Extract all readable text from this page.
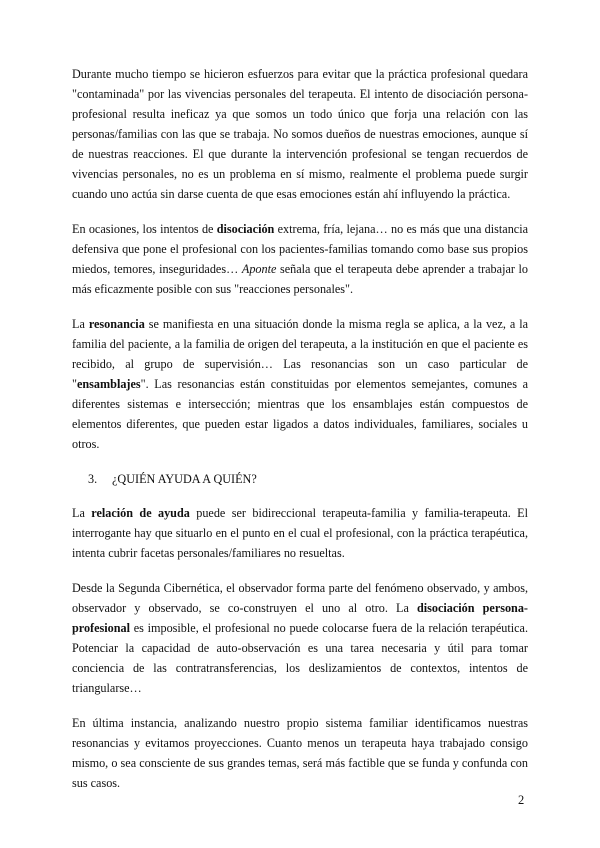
Durante mucho tiempo se hicieron esfuerzos para evitar que la práctica profesional quedara "contaminada" por las vivencias personales del terapeuta. El intento de disociación persona-profesional resulta ineficaz ya que somos un todo único que forja una relación con las personas/familias con las que se trabaja. No somos dueños de nuestras emociones, aunque sí de nuestras reacciones. El que durante la intervención profesional se tengan recuerdos de vivencias personales, no es un problema en sí mismo, realmente el problema puede surgir cuando uno actúa sin darse cuenta de que esas emociones están ahí influyendo la práctica.

En ocasiones, los intentos de disociación extrema, fría, lejana… no es más que una distancia defensiva que pone el profesional con los pacientes-familias tomando como base sus propios miedos, temores, inseguridades… Aponte señala que el terapeuta debe aprender a trabajar lo más eficazmente posible con sus "reacciones personales".

La resonancia se manifiesta en una situación donde la misma regla se aplica, a la vez, a la familia del paciente, a la familia de origen del terapeuta, a la institución en que el paciente es recibido, al grupo de supervisión… Las resonancias son un caso particular de "ensamblajes". Las resonancias están constituidas por elementos semejantes, comunes a diferentes sistemas e intersección; mientras que los ensamblajes están compuestos de elementos diferentes, que pueden estar ligados a datos individuales, familiares, sociales u otros.

3. ¿QUIÉN AYUDA A QUIÉN?

La relación de ayuda puede ser bidireccional terapeuta-familia y familia-terapeuta. El interrogante hay que situarlo en el punto en el cual el profesional, con la práctica terapéutica, intenta cubrir facetas personales/familiares no resueltas.

Desde la Segunda Cibernética, el observador forma parte del fenómeno observado, y ambos, observador y observado, se co-construyen el uno al otro. La disociación persona-profesional es imposible, el profesional no puede colocarse fuera de la relación terapéutica. Potenciar la capacidad de auto-observación es una tarea necesaria y útil para tomar conciencia de las contratransferencias, los deslizamientos de contextos, intentos de triangularse…

En última instancia, analizando nuestro propio sistema familiar identificamos nuestras resonancias y evitamos proyecciones. Cuanto menos un terapeuta haya trabajado consigo mismo, o sea consciente de sus grandes temas, será más factible que se funda y confunda con sus casos.

2
